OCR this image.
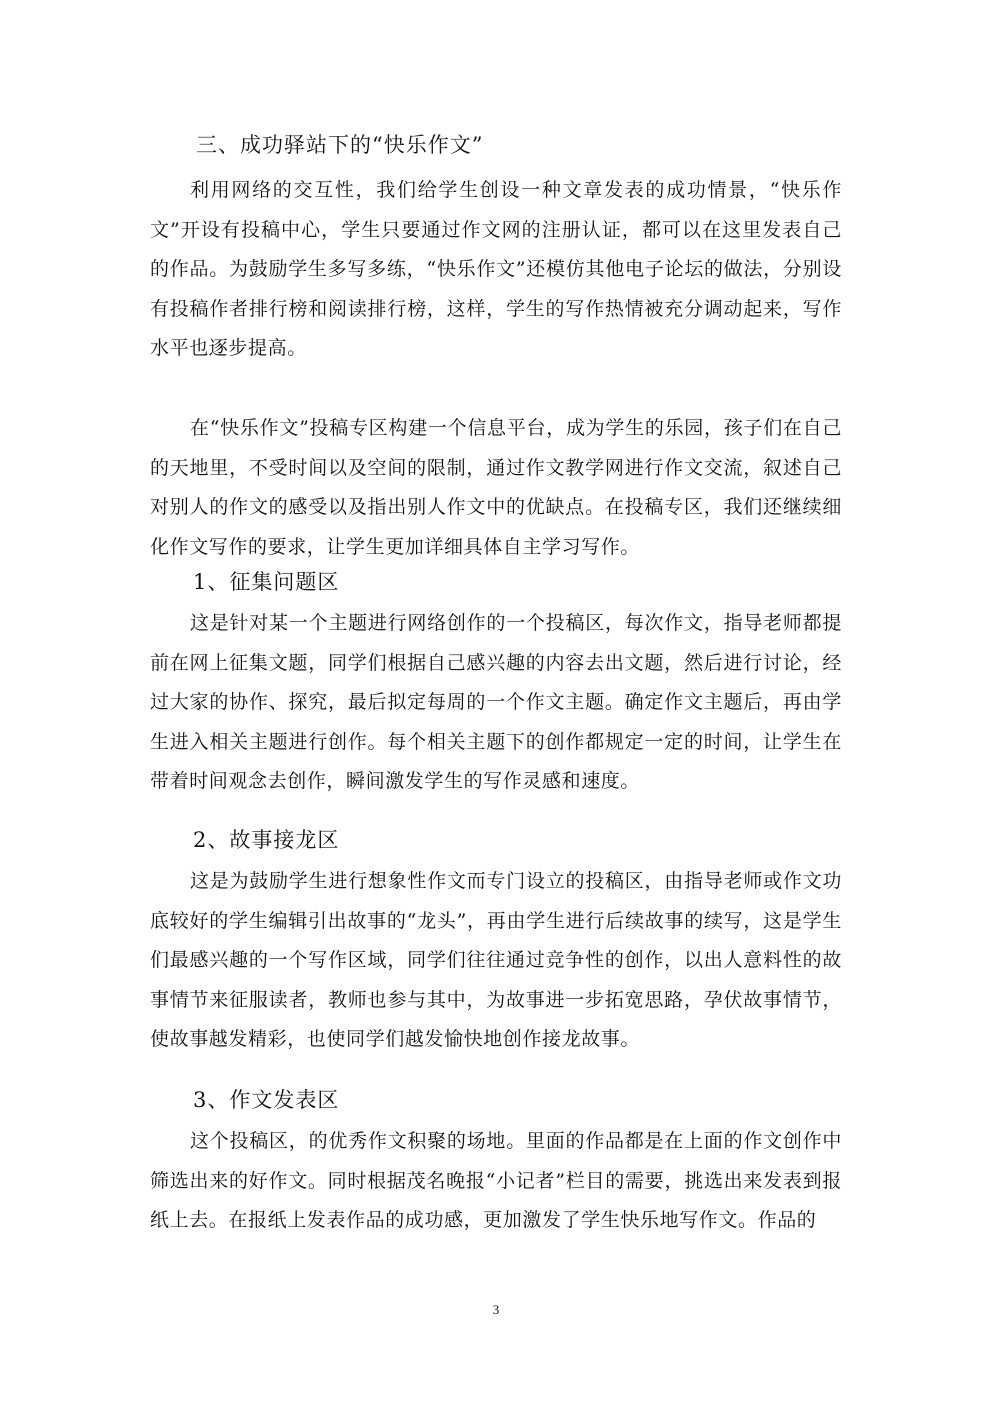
三、成功驿站下的“快乐作文”

利用网络的交互性，我们给学生创设一种文章发表的成功情景，“快乐作文”开设有投稿中心，学生只要通过作文网的注册认证，都可以在这里发表自己的作品。为鼓励学生多写多练，“快乐作文”还模仿其他电子论坛的做法，分别设有投稿作者排行榜和阅读排行榜，这样，学生的写作热情被充分调动起来，写作水平也逐步提高。

在“快乐作文”投稿专区构建一个信息平台，成为学生的乐园，孩子们在自己的天地里，不受时间以及空间的限制，通过作文教学网进行作文交流，叙述自己对别人的作文的感受以及指出别人作文中的优缺点。在投稿专区，我们还继续细化作文写作的要求，让学生更加详细具体自主学习写作。

1、征集问题区

这是针对某一个主题进行网络创作的一个投稿区，每次作文，指导老师都提前在网上征集文题，同学们根据自己感兴趣的内容去出文题，然后进行讨论，经过大家的协作、探究，最后拟定每周的一个作文主题。确定作文主题后，再由学生进入相关主题进行创作。每个相关主题下的创作都规定一定的时间，让学生在带着时间观念去创作，瞬间激发学生的写作灵感和速度。

2、故事接龙区

这是为鼓励学生进行想象性作文而专门设立的投稿区，由指导老师或作文功底较好的学生编辑引出故事的“龙头”，再由学生进行后续故事的续写，这是学生们最感兴趣的一个写作区域，同学们往往通过竞争性的创作，以出人意料性的故事情节来征服读者，教师也参与其中，为故事进一步拓宽思路，孕伏故事情节，使故事越发精彩，也使同学们越发愉快地创作接龙故事。

3、作文发表区

这个投稿区，的优秀作文积聚的场地。里面的作品都是在上面的作文创作中筛选出来的好作文。同时根据茂名晚报“小记者”栏目的需要，挑选出来发表到报纸上去。在报纸上发表作品的成功感，更加激发了学生快乐地写作文。作品的

3
